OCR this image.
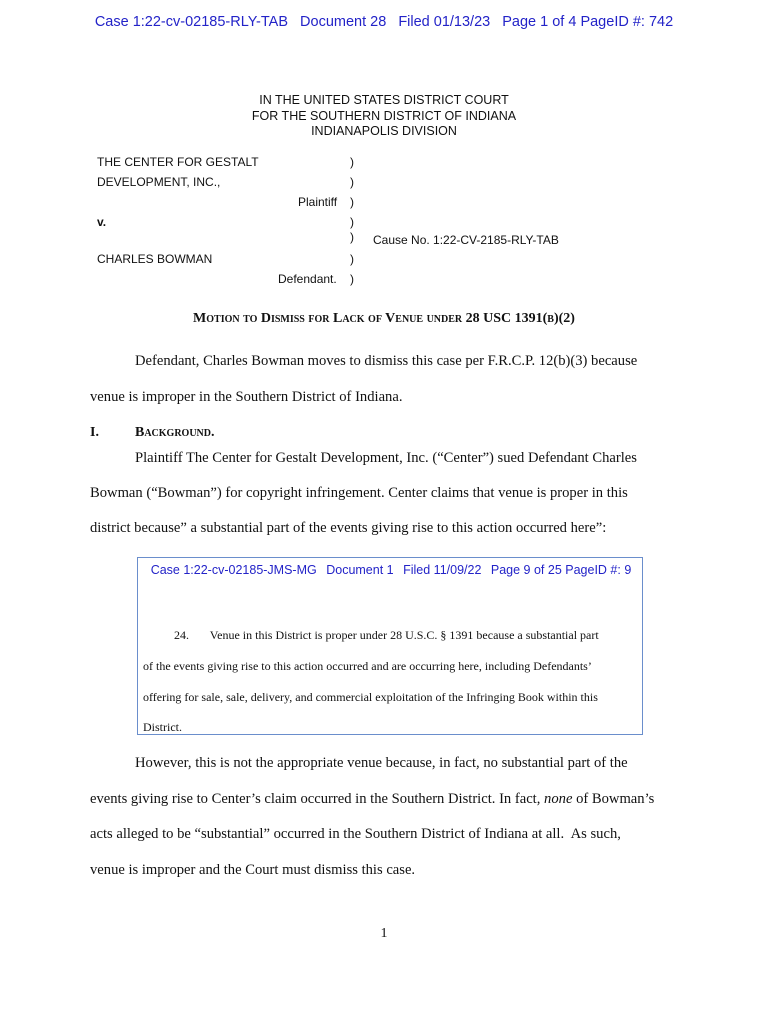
Case 1:22-cv-02185-RLY-TAB Document 28 Filed 01/13/23 Page 1 of 4 PageID #: 742
IN THE UNITED STATES DISTRICT COURT
FOR THE SOUTHERN DISTRICT OF INDIANA
INDIANAPOLIS DIVISION
THE CENTER FOR GESTALT
DEVELOPMENT, INC.,
Plaintiff
v.
CHARLES BOWMAN
Defendant.
)
)
)
)
)
)
)
Cause No. 1:22-CV-2185-RLY-TAB
Motion to Dismiss for Lack of Venue under 28 USC 1391(b)(2)
Defendant, Charles Bowman moves to dismiss this case per F.R.C.P. 12(b)(3) because
venue is improper in the Southern District of Indiana.
I.	Background.
Plaintiff The Center for Gestalt Development, Inc. (“Center”) sued Defendant Charles
Bowman (“Bowman”) for copyright infringement. Center claims that venue is proper in this
district because” a substantial part of the events giving rise to this action occurred here”:
Case 1:22-cv-02185-JMS-MG Document 1 Filed 11/09/22 Page 9 of 25 PageID #: 9
24.       Venue in this District is proper under 28 U.S.C. § 1391 because a substantial part
of the events giving rise to this action occurred and are occurring here, including Defendants’
offering for sale, sale, delivery, and commercial exploitation of the Infringing Book within this
District.
However, this is not the appropriate venue because, in fact, no substantial part of the
events giving rise to Center’s claim occurred in the Southern District. In fact, none of Bowman’s
acts alleged to be “substantial” occurred in the Southern District of Indiana at all.  As such,
venue is improper and the Court must dismiss this case.
1
